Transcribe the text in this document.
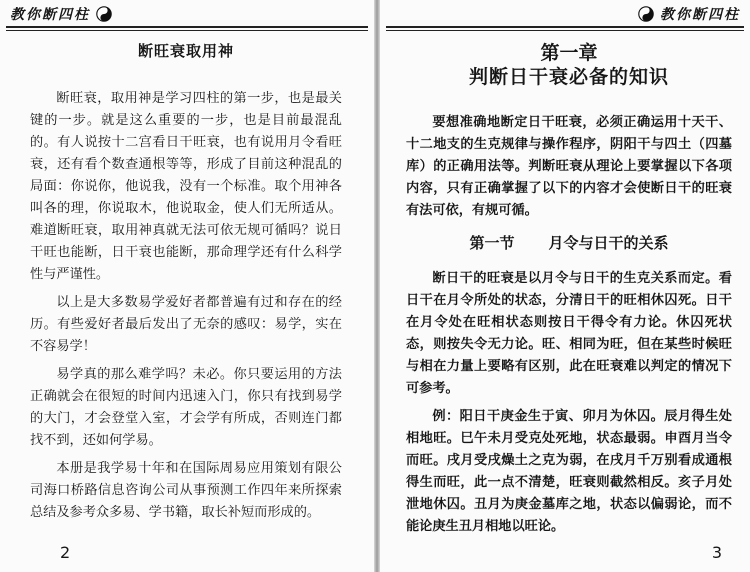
教你断四柱
断旺衰取用神

断旺衰，取用神是学习四柱的第一步，也是最关键的一步。就是这么重要的一步，也是目前最混乱的。有人说按十二宫看日干旺衰，也有说用月令看旺衰，还有看个数查通根等等，形成了目前这种混乱的局面：你说你，他说我，没有一个标准。取个用神各叫各的理，你说取木，他说取金，使人们无所适从。难道断旺衰，取用神真就无法可依无规可循吗？说日干旺也能断，日干衰也能断，那命理学还有什么科学性与严谨性。

以上是大多数易学爱好者都普遍有过和存在的经历。有些爱好者最后发出了无奈的感叹：易学，实在不容易学！

易学真的那么难学吗？未必。你只要运用的方法正确就会在很短的时间内迅速入门，你只有找到易学的大门，才会登堂入室，才会学有所成，否则连门都找不到，还如何学易。

本册是我学易十年和在国际周易应用策划有限公司海口桥路信息咨询公司从事预测工作四年来所探索总结及参考众多易、学书籍，取长补短而形成的。

2
教你断四柱
第一章
判断日干衰必备的知识

要想准确地断定日干旺衰，必须正确运用十天干、十二地支的生克规律与操作程序，阴阳干与四土（四墓库）的正确用法等。判断旺衰从理论上要掌握以下各项内容，只有正确掌握了以下的内容才会使断日干的旺衰有法可依，有规可循。

第一节 月令与日干的关系

断日干的旺衰是以月令与日干的生克关系而定。看日干在月令所处的状态，分清日干的旺相休囚死。日干在月令处在旺相状态则按日干得令有力论。休囚死状态，则按失令无力论。旺、相同为旺，但在某些时候旺与相在力量上要略有区别，此在旺衰难以判定的情况下可参考。

例：阳日干庚金生于寅、卯月为休囚。辰月得生处相地旺。巳午未月受克处死地，状态最弱。申酉月当令而旺。戌月受戌燥土之克为弱，在戌月千万别看成通根得生而旺，此一点不清楚，旺衰则截然相反。亥子月处泄地休囚。丑月为庚金墓库之地，状态以偏弱论，而不能论庚生丑月相地以旺论。

3
